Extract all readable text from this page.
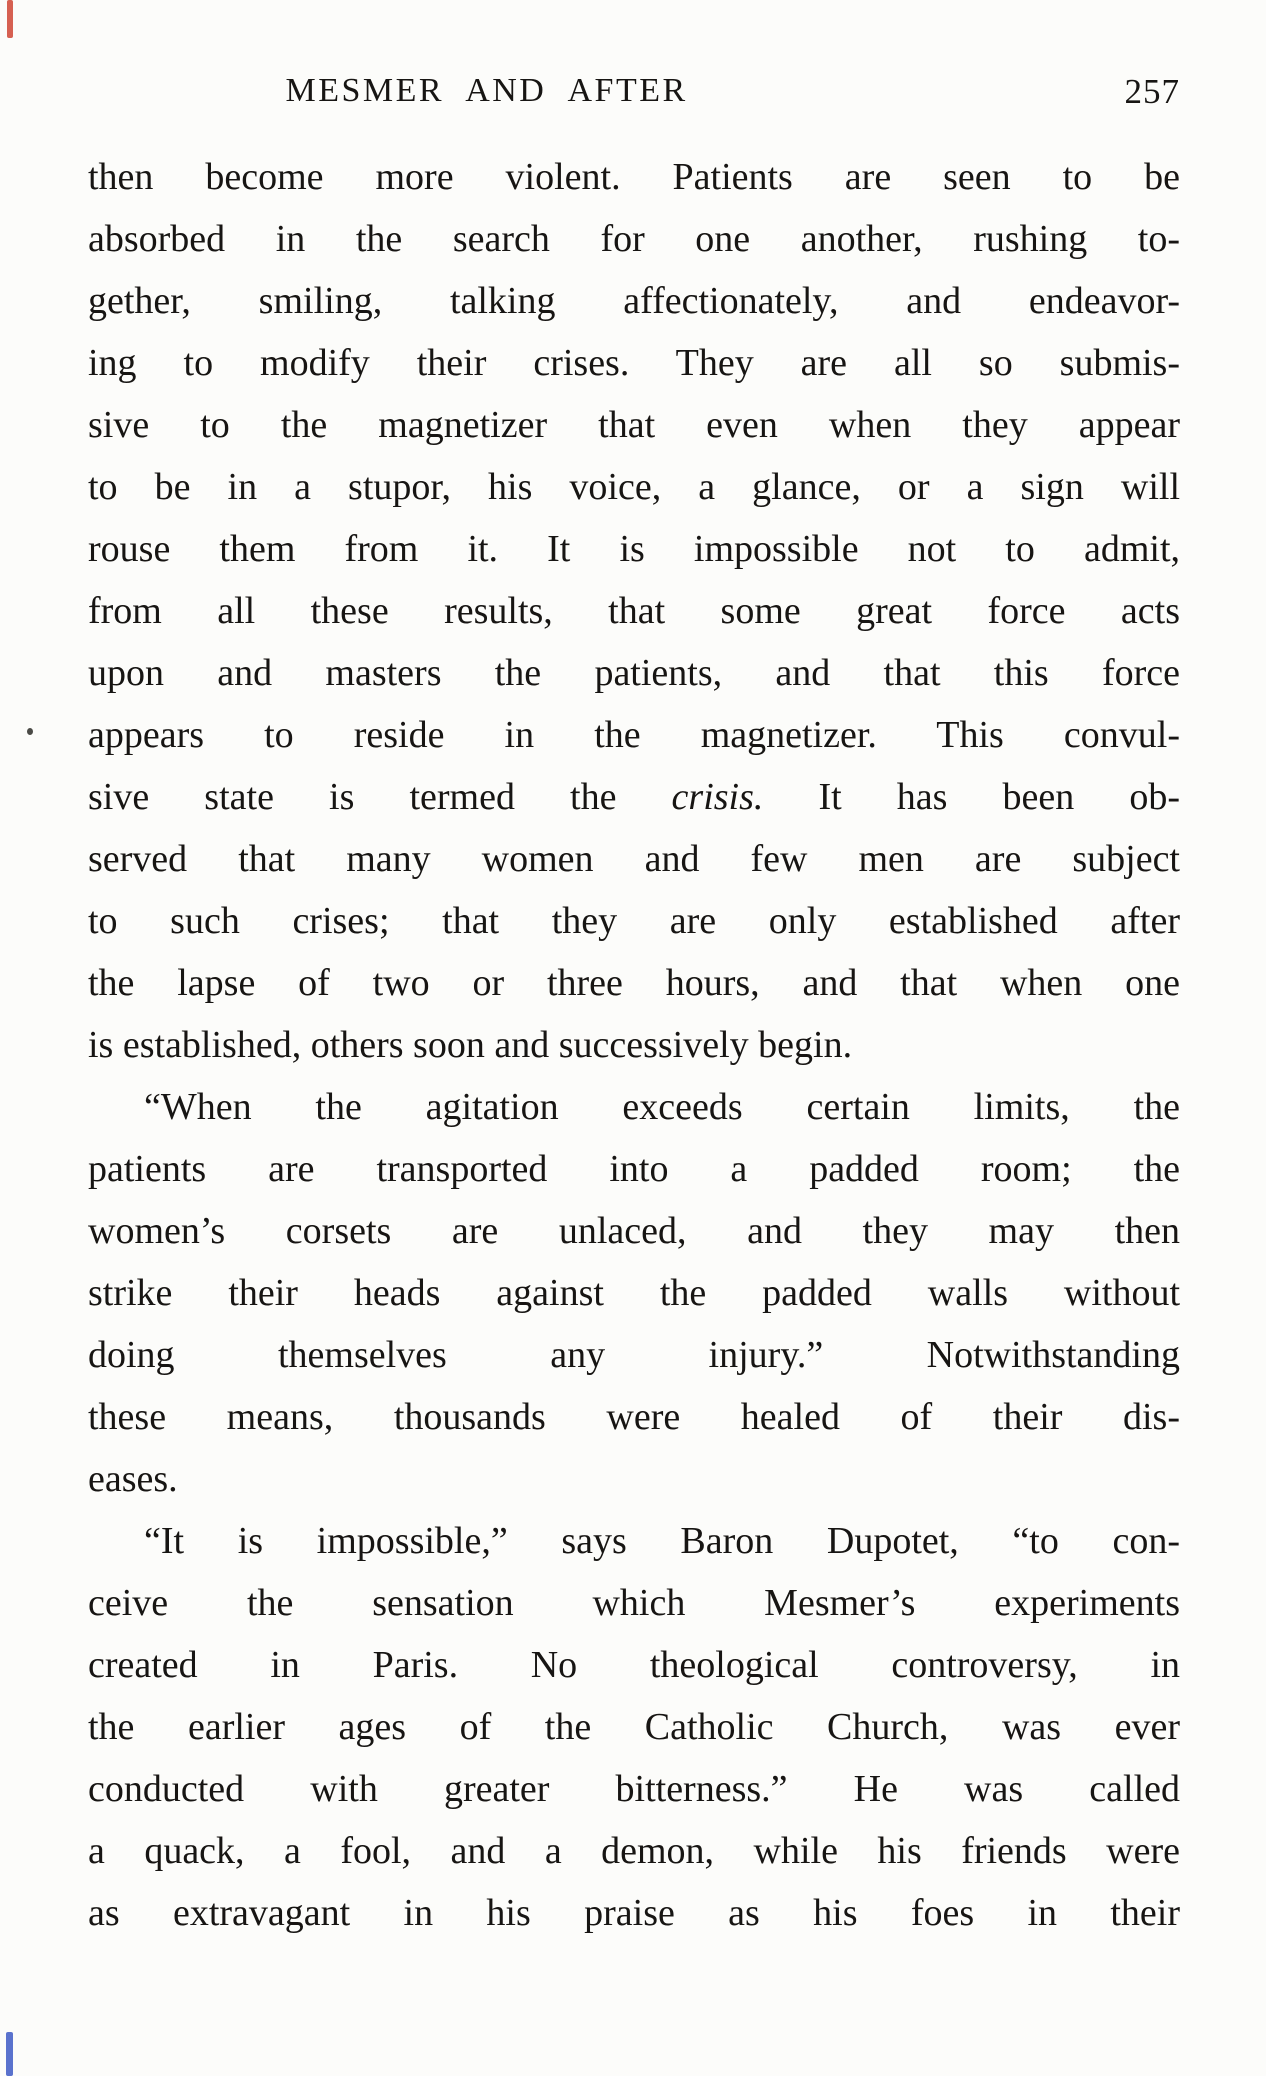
MESMER AND AFTER	257
then become more violent. Patients are seen to be
absorbed in the search for one another, rushing to-
gether, smiling, talking affectionately, and endeavor-
ing to modify their crises. They are all so submis-
sive to the magnetizer that even when they appear
to be in a stupor, his voice, a glance, or a sign will
rouse them from it. It is impossible not to admit,
from all these results, that some great force acts
upon and masters the patients, and that this force
appears to reside in the magnetizer. This convul-
sive state is termed the crisis. It has been ob-
served that many women and few men are subject
to such crises; that they are only established after
the lapse of two or three hours, and that when one
is established, others soon and successively begin.
“When the agitation exceeds certain limits, the
patients are transported into a padded room; the
women’s corsets are unlaced, and they may then
strike their heads against the padded walls without
doing themselves any injury.” Notwithstanding
these means, thousands were healed of their dis-
eases.
“It is impossible,” says Baron Dupotet, “to con-
ceive the sensation which Mesmer’s experiments
created in Paris. No theological controversy, in
the earlier ages of the Catholic Church, was ever
conducted with greater bitterness.” He was called
a quack, a fool, and a demon, while his friends were
as extravagant in his praise as his foes in their
